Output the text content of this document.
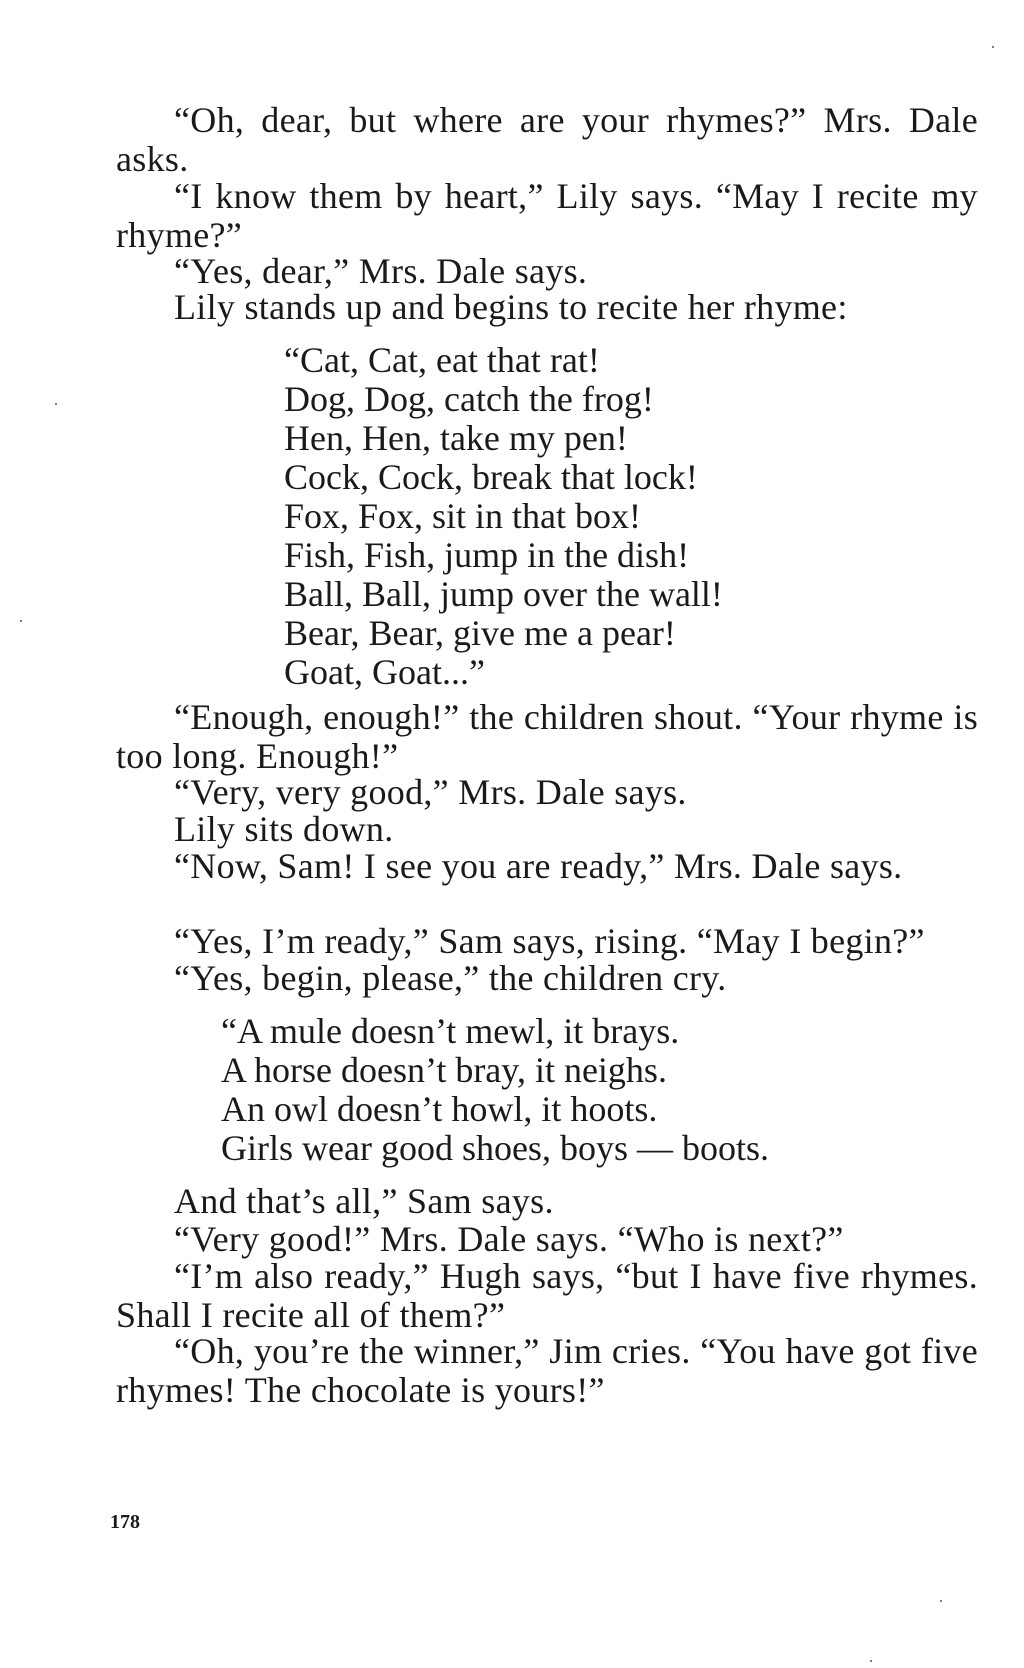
“Oh, dear, but where are your rhymes?” Mrs. Dale asks.

“I know them by heart,” Lily says. “May I recite my rhyme?”

“Yes, dear,” Mrs. Dale says.

Lily stands up and begins to recite her rhyme:

“Cat, Cat, eat that rat!
Dog, Dog, catch the frog!
Hen, Hen, take my pen!
Cock, Cock, break that lock!
Fox, Fox, sit in that box!
Fish, Fish, jump in the dish!
Ball, Ball, jump over the wall!
Bear, Bear, give me a pear!
Goat, Goat...”

“Enough, enough!” the children shout. “Your rhyme is too long. Enough!”

“Very, very good,” Mrs. Dale says.

Lily sits down.

“Now, Sam! I see you are ready,” Mrs. Dale says.

“Yes, I’m ready,” Sam says, rising. “May I begin?”

“Yes, begin, please,” the children cry.

“A mule doesn’t mewl, it brays.
A horse doesn’t bray, it neighs.
An owl doesn’t howl, it hoots.
Girls wear good shoes, boys — boots.

And that’s all,” Sam says.

“Very good!” Mrs. Dale says. “Who is next?”

“I’m also ready,” Hugh says, “but I have five rhymes. Shall I recite all of them?”

“Oh, you’re the winner,” Jim cries. “You have got five rhymes! The chocolate is yours!”

178
